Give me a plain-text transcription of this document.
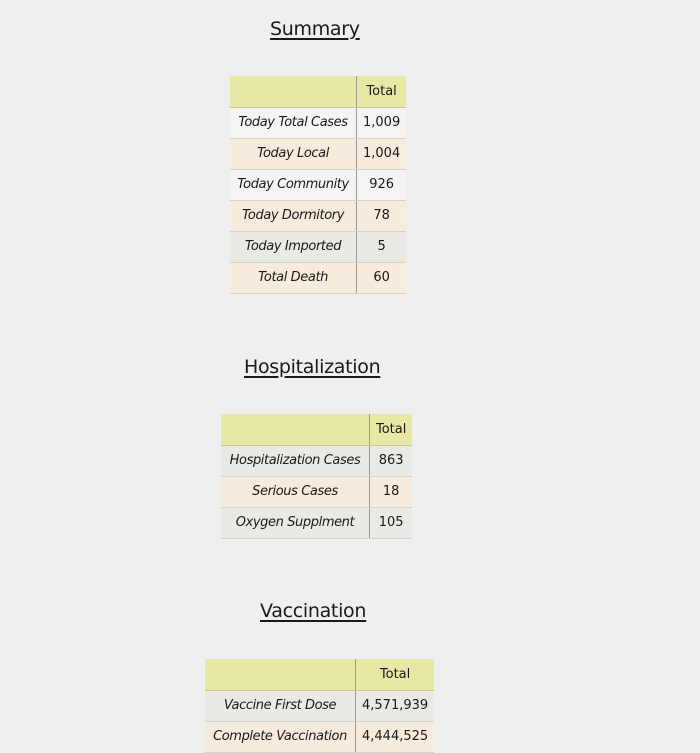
Summary
	Total
Today Total Cases	1,009
Today Local	1,004
Today Community	926
Today Dormitory	78
Today Imported	5
Total Death	60
Hospitalization
	Total
Hospitalization Cases	863
Serious Cases	18
Oxygen Supplment	105
Vaccination
	Total
Vaccine First Dose	4,571,939
Complete Vaccination	4,444,525
